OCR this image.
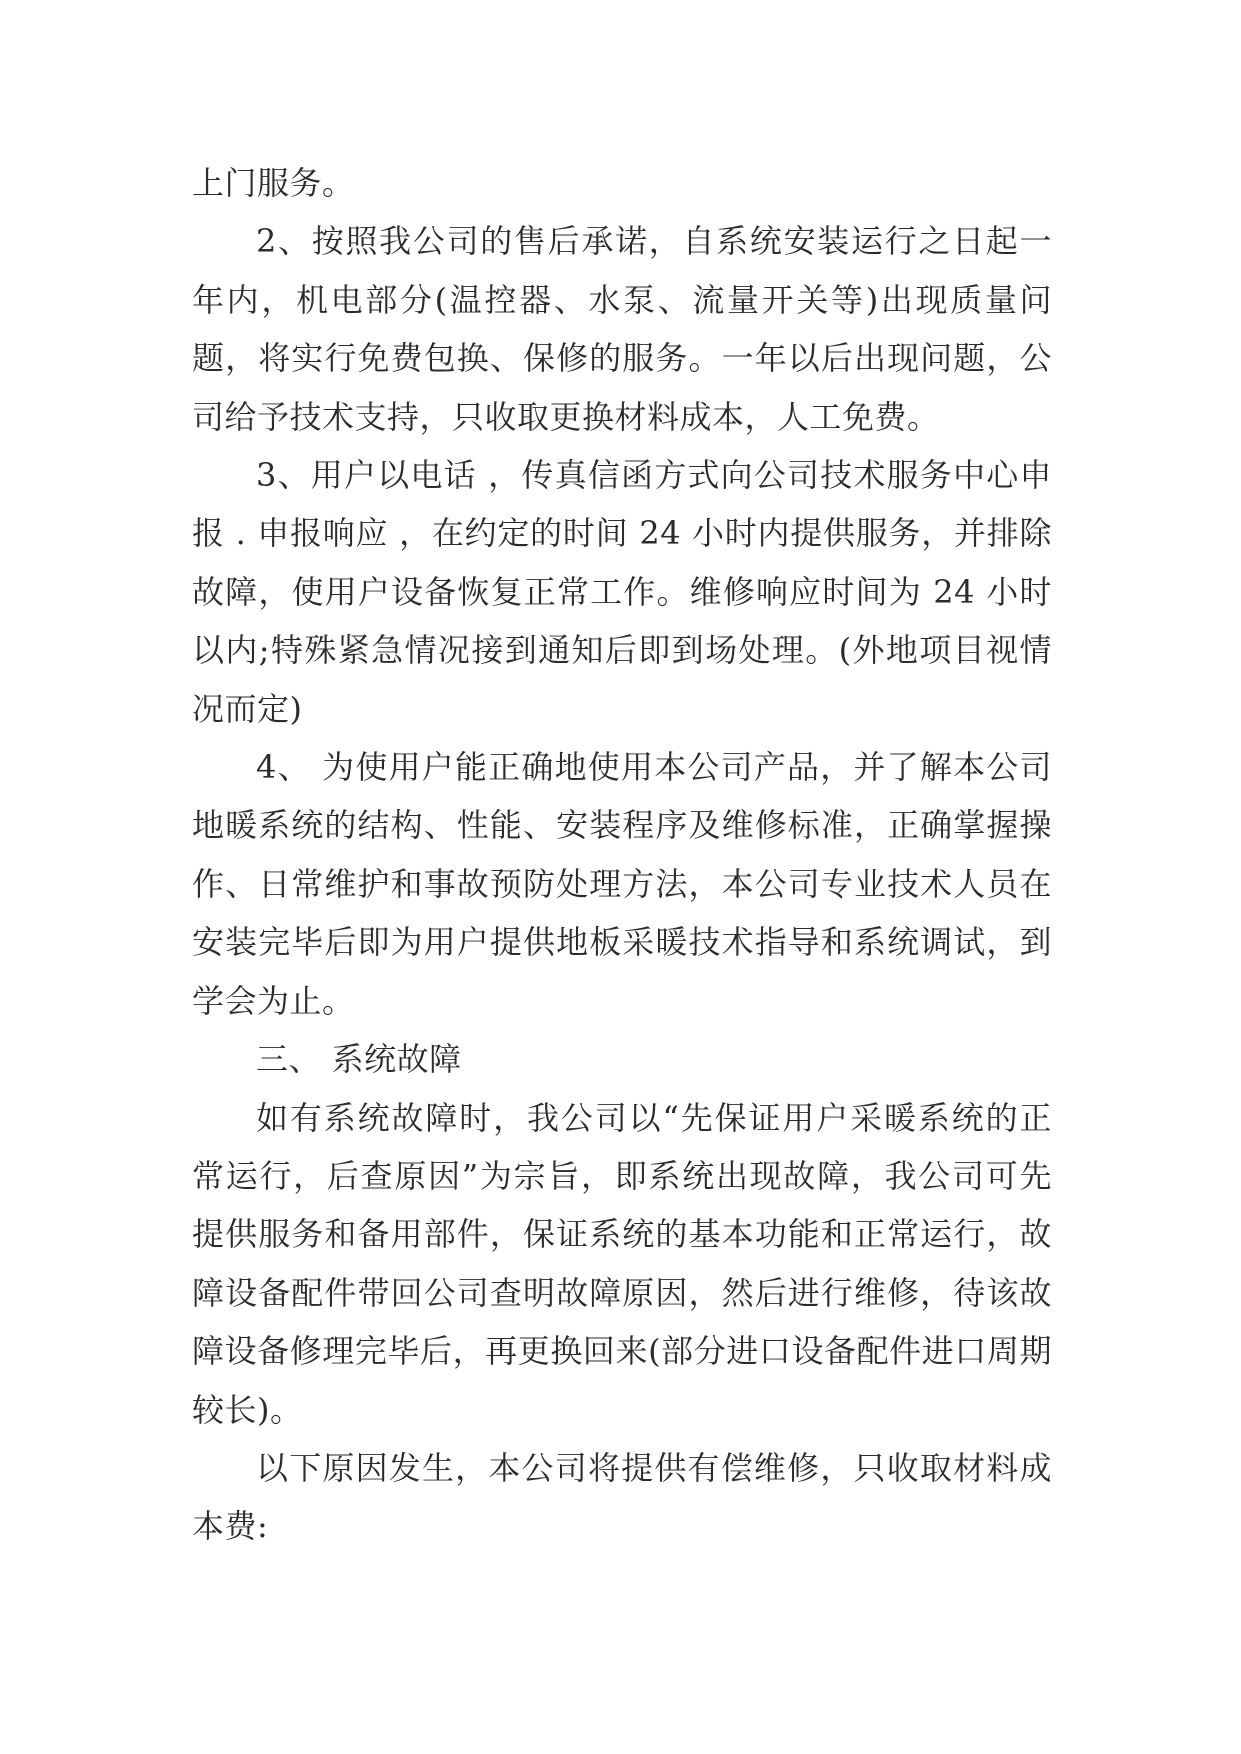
上门服务。

2、按照我公司的售后承诺，自系统安装运行之日起一年内，机电部分(温控器、水泵、流量开关等)出现质量问题，将实行免费包换、保修的服务。一年以后出现问题，公司给予技术支持，只收取更换材料成本，人工免费。

3、用户以电话 ，传真信函方式向公司技术服务中心申报 . 申报响应 ，在约定的时间 24 小时内提供服务，并排除故障，使用户设备恢复正常工作。维修响应时间为 24 小时以内;特殊紧急情况接到通知后即到场处理。(外地项目视情况而定)

4、 为使用户能正确地使用本公司产品，并了解本公司地暖系统的结构、性能、安装程序及维修标准，正确掌握操作、日常维护和事故预防处理方法，本公司专业技术人员在安装完毕后即为用户提供地板采暖技术指导和系统调试，到学会为止。

三、 系统故障

如有系统故障时，我公司以“先保证用户采暖系统的正常运行，后查原因”为宗旨，即系统出现故障，我公司可先提供服务和备用部件，保证系统的基本功能和正常运行，故障设备配件带回公司查明故障原因，然后进行维修，待该故障设备修理完毕后，再更换回来(部分进口设备配件进口周期较长)。

以下原因发生，本公司将提供有偿维修，只收取材料成本费:
